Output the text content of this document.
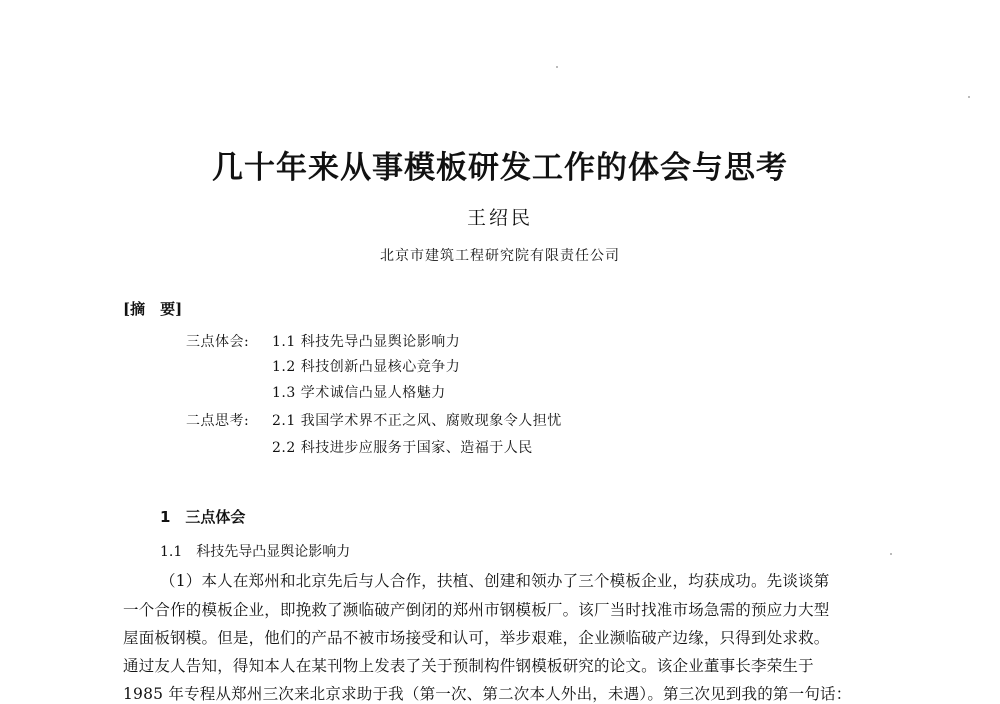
几十年来从事模板研发工作的体会与思考
王绍民
北京市建筑工程研究院有限责任公司
[摘　要]
三点体会: 1.1 科技先导凸显舆论影响力
1.2 科技创新凸显核心竞争力
1.3 学术诚信凸显人格魅力
二点思考: 2.1 我国学术界不正之风、腐败现象令人担忧
2.2 科技进步应服务于国家、造福于人民
1　三点体会
1.1　科技先导凸显舆论影响力
（1）本人在郑州和北京先后与人合作，扶植、创建和领办了三个模板企业，均获成功。先谈谈第
一个合作的模板企业，即挽救了濒临破产倒闭的郑州市钢模板厂。该厂当时找准市场急需的预应力大型
屋面板钢模。但是，他们的产品不被市场接受和认可，举步艰难，企业濒临破产边缘，只得到处求救。
通过友人告知，得知本人在某刊物上发表了关于预制构件钢模板研究的论文。该企业董事长李荣生于
1985 年专程从郑州三次来北京求助于我（第一次、第二次本人外出，未遇）。第三次见到我的第一句话：
